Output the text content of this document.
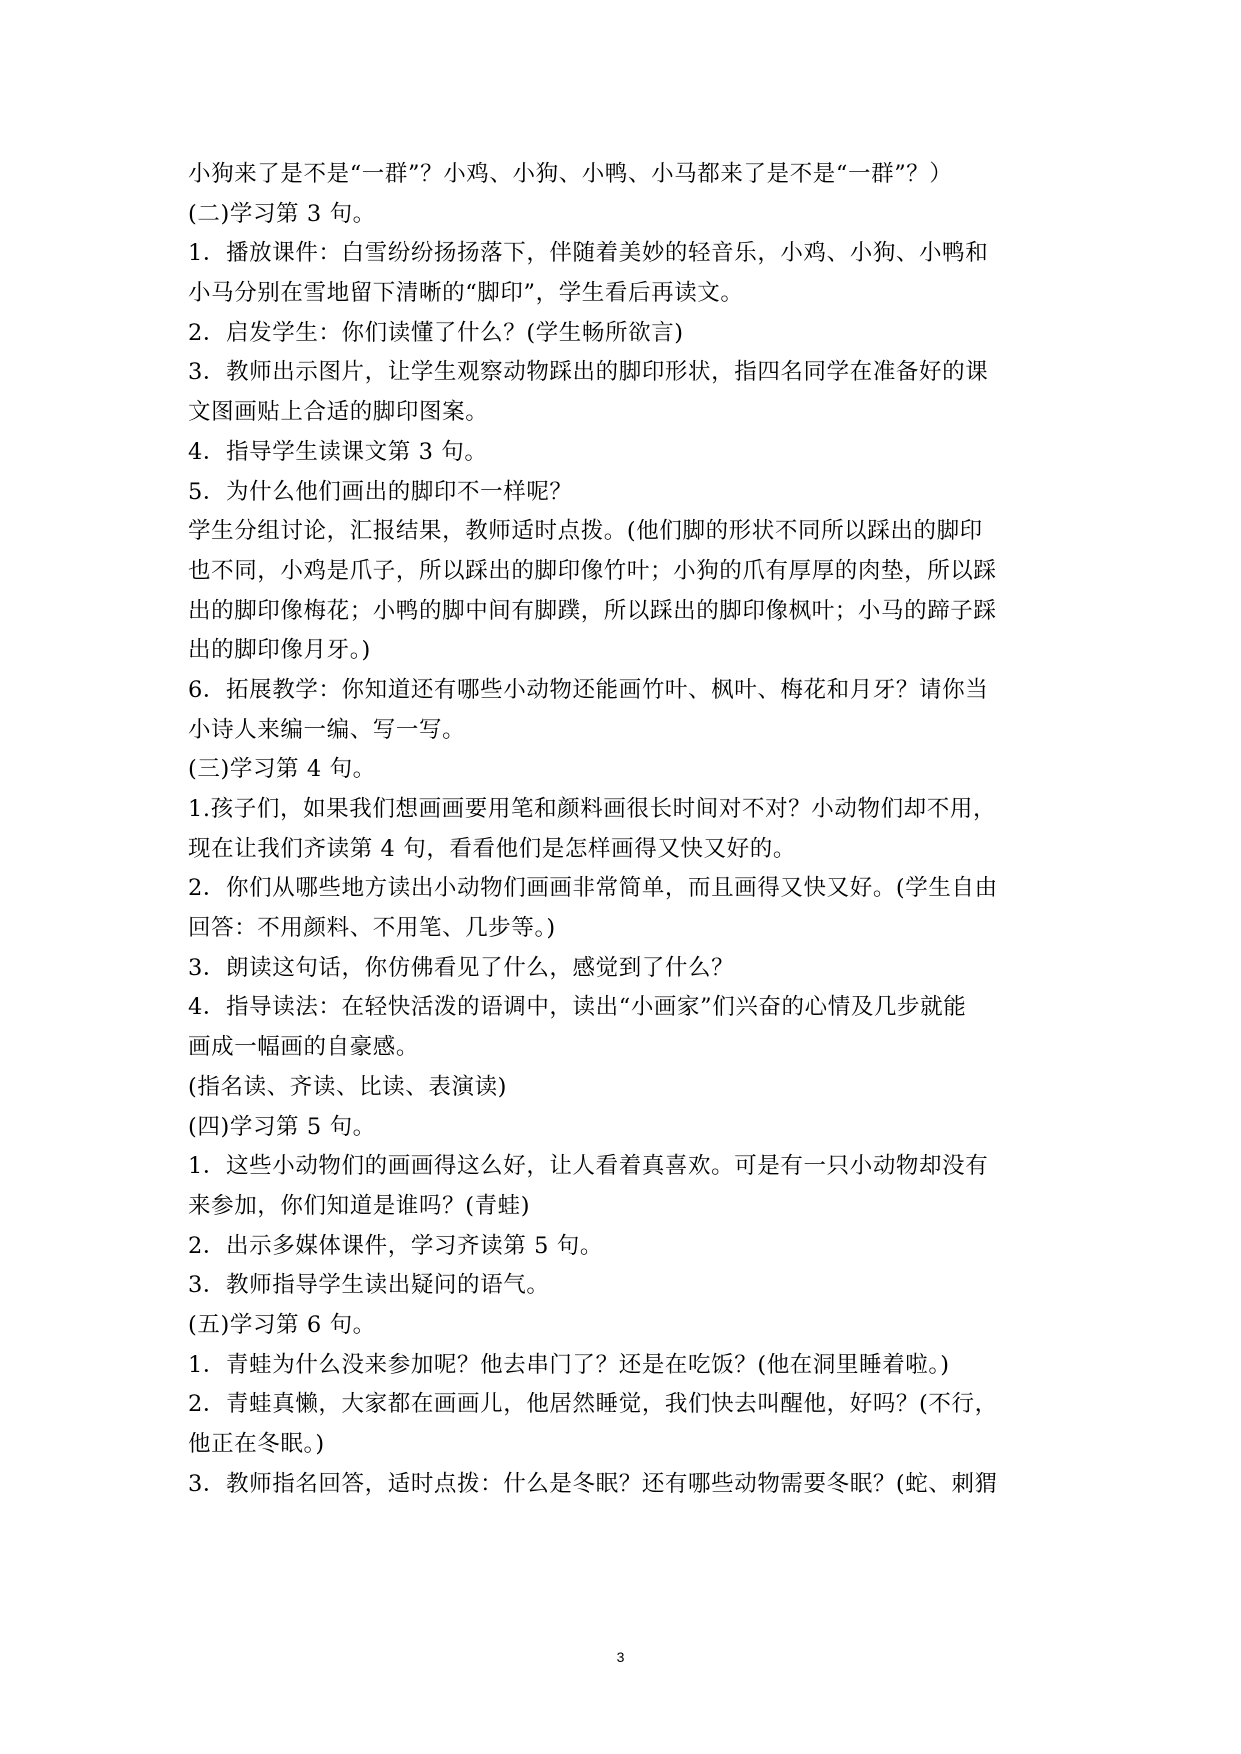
小狗来了是不是“一群”？小鸡、小狗、小鸭、小马都来了是不是“一群”？）
(二)学习第 3 句。
1．播放课件：白雪纷纷扬扬落下，伴随着美妙的轻音乐，小鸡、小狗、小鸭和
小马分别在雪地留下清晰的“脚印”，学生看后再读文。
2．启发学生：你们读懂了什么？(学生畅所欲言)
3．教师出示图片，让学生观察动物踩出的脚印形状，指四名同学在准备好的课
文图画贴上合适的脚印图案。
4．指导学生读课文第 3 句。
5．为什么他们画出的脚印不一样呢？
学生分组讨论，汇报结果，教师适时点拨。(他们脚的形状不同所以踩出的脚印
也不同，小鸡是爪子，所以踩出的脚印像竹叶；小狗的爪有厚厚的肉垫，所以踩
出的脚印像梅花；小鸭的脚中间有脚蹼，所以踩出的脚印像枫叶；小马的蹄子踩
出的脚印像月牙。)
6．拓展教学：你知道还有哪些小动物还能画竹叶、枫叶、梅花和月牙？请你当
小诗人来编一编、写一写。
(三)学习第 4 句。
1.孩子们，如果我们想画画要用笔和颜料画很长时间对不对？小动物们却不用，
现在让我们齐读第 4 句，看看他们是怎样画得又快又好的。
2．你们从哪些地方读出小动物们画画非常简单，而且画得又快又好。(学生自由
回答：不用颜料、不用笔、几步等。)
3．朗读这句话，你仿佛看见了什么，感觉到了什么？
4．指导读法：在轻快活泼的语调中，读出“小画家”们兴奋的心情及几步就能
画成一幅画的自豪感。
(指名读、齐读、比读、表演读)
(四)学习第 5 句。
1．这些小动物们的画画得这么好，让人看着真喜欢。可是有一只小动物却没有
来参加，你们知道是谁吗？(青蛙)
2．出示多媒体课件，学习齐读第 5 句。
3．教师指导学生读出疑问的语气。
(五)学习第 6 句。
1．青蛙为什么没来参加呢？他去串门了？还是在吃饭？(他在洞里睡着啦。)
2．青蛙真懒，大家都在画画儿，他居然睡觉，我们快去叫醒他，好吗？(不行，
他正在冬眠。)
3．教师指名回答，适时点拨：什么是冬眠？还有哪些动物需要冬眠？(蛇、刺猬
3
